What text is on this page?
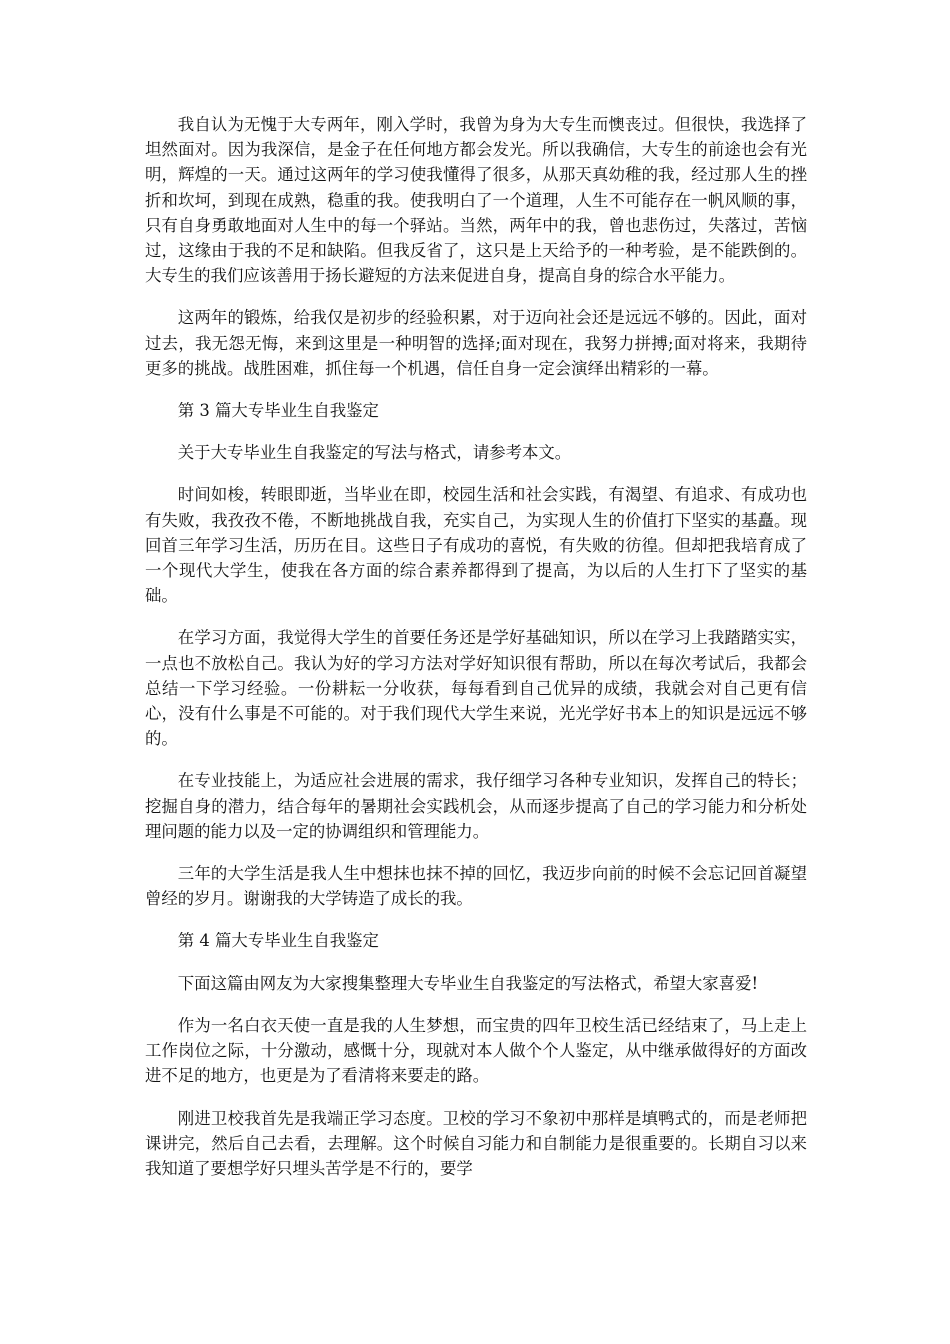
我自认为无愧于大专两年，刚入学时，我曾为身为大专生而懊丧过。但很快，我选择了坦然面对。因为我深信，是金子在任何地方都会发光。所以我确信，大专生的前途也会有光明，辉煌的一天。通过这两年的学习使我懂得了很多，从那天真幼稚的我，经过那人生的挫折和坎坷，到现在成熟，稳重的我。使我明白了一个道理，人生不可能存在一帆风顺的事，只有自身勇敢地面对人生中的每一个驿站。当然，两年中的我，曾也悲伤过，失落过，苦恼过，这缘由于我的不足和缺陷。但我反省了，这只是上天给予的一种考验，是不能跌倒的。大专生的我们应该善用于扬长避短的方法来促进自身，提高自身的综合水平能力。

这两年的锻炼，给我仅是初步的经验积累，对于迈向社会还是远远不够的。因此，面对过去，我无怨无悔，来到这里是一种明智的选择;面对现在，我努力拼搏;面对将来，我期待更多的挑战。战胜困难，抓住每一个机遇，信任自身一定会演绎出精彩的一幕。

第 3 篇大专毕业生自我鉴定

关于大专毕业生自我鉴定的写法与格式，请参考本文。

时间如梭，转眼即逝，当毕业在即，校园生活和社会实践，有渴望、有追求、有成功也有失败，我孜孜不倦，不断地挑战自我，充实自己，为实现人生的价值打下坚实的基矗。现回首三年学习生活，历历在目。这些日子有成功的喜悦，有失败的彷徨。但却把我培育成了一个现代大学生，使我在各方面的综合素养都得到了提高，为以后的人生打下了坚实的基础。

在学习方面，我觉得大学生的首要任务还是学好基础知识，所以在学习上我踏踏实实，一点也不放松自己。我认为好的学习方法对学好知识很有帮助，所以在每次考试后，我都会总结一下学习经验。一份耕耘一分收获，每每看到自己优异的成绩，我就会对自己更有信心，没有什么事是不可能的。对于我们现代大学生来说，光光学好书本上的知识是远远不够的。

在专业技能上，为适应社会进展的需求，我仔细学习各种专业知识，发挥自己的特长；挖掘自身的潜力，结合每年的暑期社会实践机会，从而逐步提高了自己的学习能力和分析处理问题的能力以及一定的协调组织和管理能力。

三年的大学生活是我人生中想抹也抹不掉的回忆，我迈步向前的时候不会忘记回首凝望曾经的岁月。谢谢我的大学铸造了成长的我。

第 4 篇大专毕业生自我鉴定

下面这篇由网友为大家搜集整理大专毕业生自我鉴定的写法格式，希望大家喜爱!

作为一名白衣天使一直是我的人生梦想，而宝贵的四年卫校生活已经结束了，马上走上工作岗位之际，十分激动，感慨十分，现就对本人做个个人鉴定，从中继承做得好的方面改进不足的地方，也更是为了看清将来要走的路。

刚进卫校我首先是我端正学习态度。卫校的学习不象初中那样是填鸭式的，而是老师把课讲完，然后自己去看，去理解。这个时候自习能力和自制能力是很重要的。长期自习以来我知道了要想学好只埋头苦学是不行的，要学
